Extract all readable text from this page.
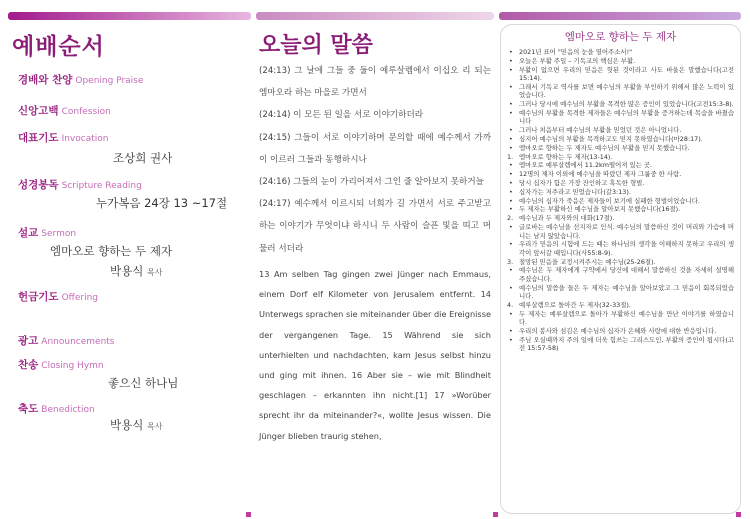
예배순서
경배와 찬양 Opening Praise
신앙고백 Confession
대표기도 Invocation
조상희 권사
성경봉독 Scripture Reading
누가복음 24장 13 ~17절
설교 Sermon
엠마오로 향하는 두 제자
박용식 목사
헌금기도 Offering
광고 Announcements
찬송 Closing Hymn
좋으신 하나님
축도 Benediction
박용식 목사
오늘의 말씀

(24:13) 그 날에 그들 중 둘이 예루살렘에서 이십오 리 되는 엠마오라 하는 마을로 가면서

(24:14) 이 모든 된 일을 서로 이야기하더라

(24:15) 그들이 서로 이야기하며 문의할 때에 예수께서 가까이 이르러 그들과 동행하시나

(24:16) 그들의 눈이 가리어져서 그인 줄 알아보지 못하거늘

(24:17) 예수께서 이르시되 너희가 길 가면서 서로 주고받고 하는 이야기가 무엇이냐 하시니 두 사람이 슬픈 빛을 띠고 머물러 서더라

13 Am selben Tag gingen zwei Jünger nach Emmaus, einem Dorf elf Kilometer von Jerusalem entfernt. 14 Unterwegs sprachen sie miteinander über die Ereignisse der vergangenen Tage. 15 Während sie sich unterhielten und nachdachten, kam Jesus selbst hinzu und ging mit ihnen. 16 Aber sie – wie mit Blindheit geschlagen – erkannten ihn nicht.[1] 17 »Worüber sprecht ihr da miteinander?«, wollte Jesus wissen. Die Jünger blieben traurig stehen,

엠마오로 향하는 두 제자
• 2021년 표어 "믿음의 눈을 열어주소서!"
• 오늘은 부활 주일 – 기독교의 핵심은 부활.
• 부활이 없으면 우리의 믿음은 헛된 것이라고 사도 바울은 말했습니다(고전 15:14).
• 그래서 기독교 역사를 보면 예수님의 부활을 부인하기 위해서 많은 노력이 있었습니다.
• 그러나 당시에 예수님의 부활을 목격한 많은 증인이 있었습니다(고전15:3-8).
• 예수님의 부활을 목격한 제자들은 예수님의 부활을 증거하는데 목숨을 바쳤습니다
• 그러나 처음부터 예수님의 부활을 믿었던 것은 아니었니다.
• 심지어 예수님의 부활을 목격하고도 믿지 못하였습니다(마28:17).
• 엠마오로 향하는 두 제자도 예수님의 부활을 믿지 못했습니다.
1. 엠마오로 향하는 두 제자(13-14).
• 엠마오로 예루살렘에서 11.2km떨어져 있는 곳.
• 12명의 제자 이외에 예수님을 따랐던 제자 그룹중 한 사람.
• 당시 십자가 함은 가장 잔인하고 혹독한 형벌.
• 십자가는 저주라고 믿었습니다(갈3:13).
• 예수님의 십자가 죽음은 제자들이 보기에 실패한 형벌이었습니다.
• 두 제자는 부활하신 예수님을 알아보지 못했습니다(16절).
2. 예수님과 두 제자와의 대화(17절).
• 글로바는 예수님을 선지자로 인식. 예수님의 말씀하신 것이 머리와 가슴에 머니는 남지 않았습니다.
• 우리가 믿음의 시험에 드는 때는 하나님의 생각을 이해하지 못하고 우리의 생각이 앞서갈 때입니다(사55:8-9).
3. 절망된 믿음을 교정시켜주시는 예수님(25-26절).
• 예수님은 두 제자에게 구약에서 당신에 대해서 말씀하신 것을 자세히 설명해 주셨습니다.
• 예수님의 말씀을 들은 두 제자는 예수님을 알아보았고 그 믿음이 회복되었습니다.
4. 예루살렘으로 돌아간 두 제자(32-33절).
• 두 제자는 예루살렘으로 돌아가 부활하신 예수님을 만난 이야기를 하였습니다.
• 우리의 봉사와 섬김은 예수님의 십자가 은혜와 사랑에 대한 반응입니다.
• 주님 오실때까지 주의 일에 더욱 힘쓰는 그리스도인, 부활의 증인이 됩시다(고전 15:57-58)
